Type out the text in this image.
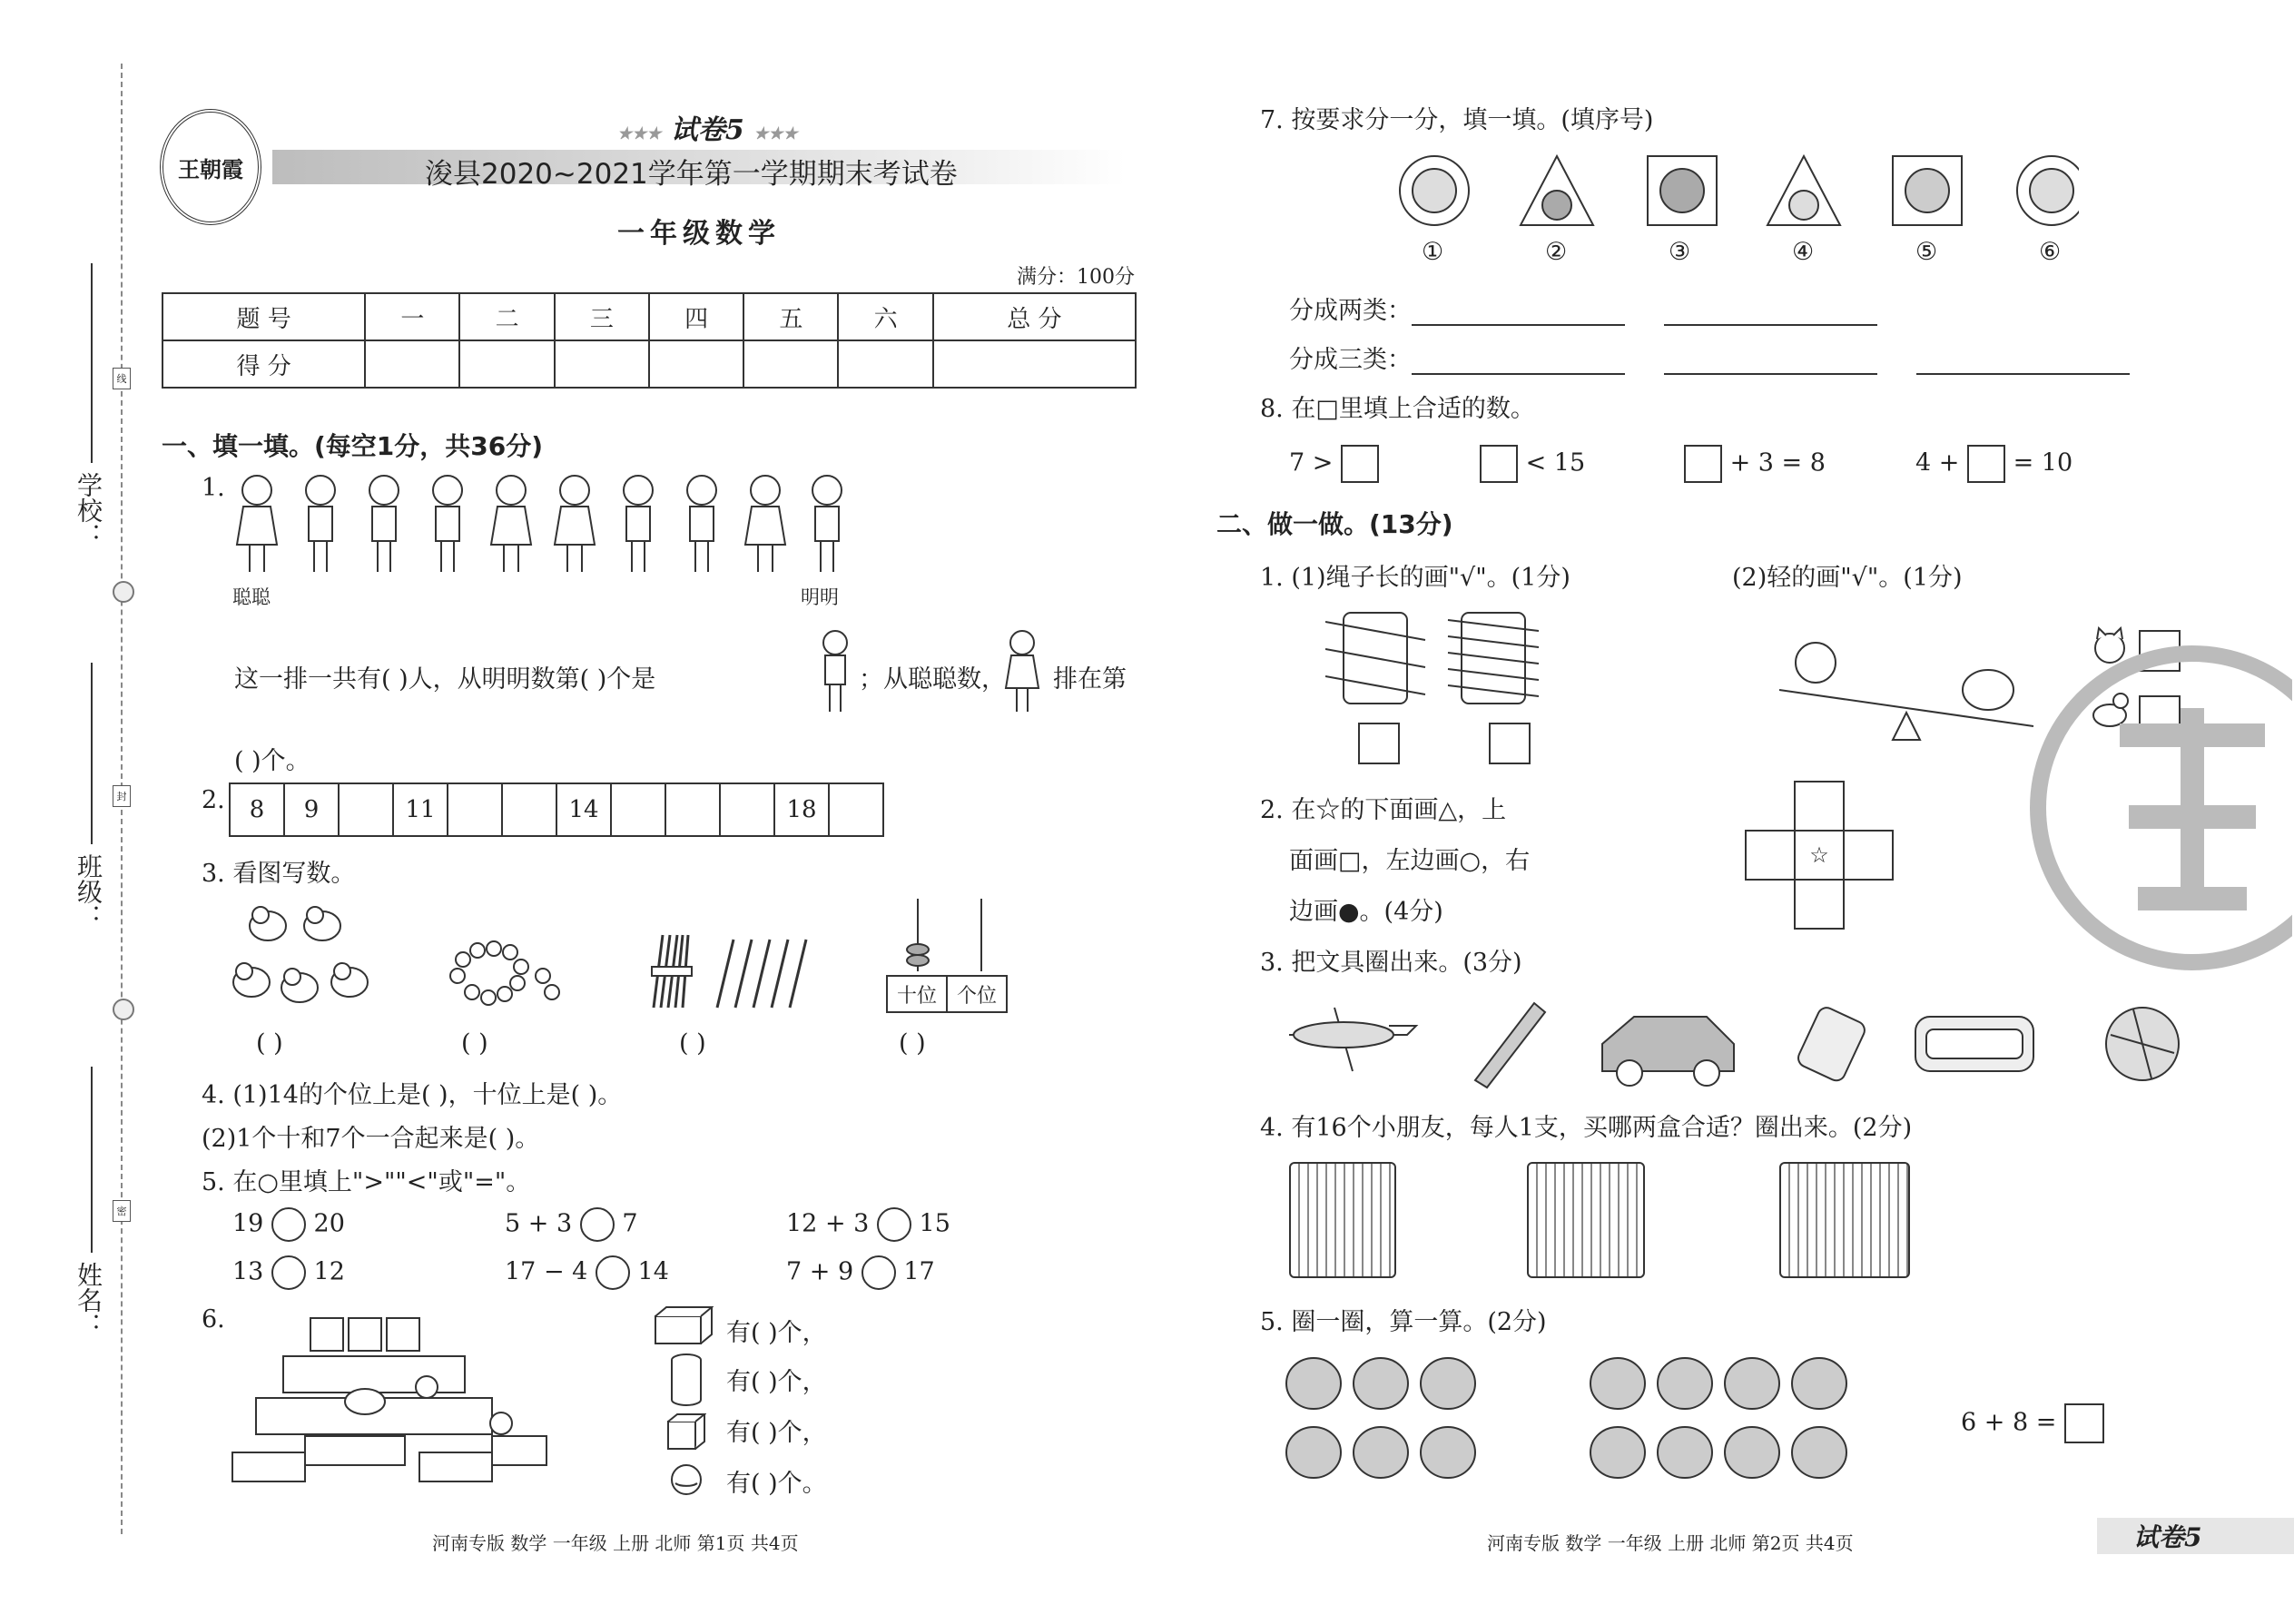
学校：
班级：
姓名：
线
封
密
王朝霞
★★★ 试卷5 ★★★
浚县2020~2021学年第一学期期末考试卷
一年级数学
满分：100分
题 号	一	二	三	四	五	六	总 分
得 分							
一、填一填。(每空1分，共36分)
1.
聪聪	明明
这一排一共有( )人，从明明数第( )个是	；从聪聪数， 排在第
( )个。
2. 8	9		11			14				18	
3. 看图写数。
十位	个位
( )	( )	( )	( )
4. (1)14的个位上是( )，十位上是( )。
(2)1个十和7个一合起来是( )。
5. 在○里填上">""<"或"="。
19 20	5 + 3 7	12 + 3 15
13 12	17 − 4 14	7 + 9 17
6.	有( )个，
有( )个，
有( )个，
有( )个。
河南专版 数学 一年级 上册 北师 第1页 共4页
7. 按要求分一分，填一填。(填序号)
①	②	③	④	⑤	⑥
分成两类：
分成三类：
8. 在□里填上合适的数。
7 >	< 15	+ 3 = 8	4 + = 10
二、做一做。(13分)
1. (1)绳子长的画"√"。(1分)	(2)轻的画"√"。(1分)
2. 在☆的下面画△，上
面画□，左边画○，右
边画●。(4分)
☆
3. 把文具圈出来。(3分)
4. 有16个小朋友，每人1支，买哪两盒合适？圈出来。(2分)
5. 圈一圈，算一算。(2分)
6 + 8 =
河南专版 数学 一年级 上册 北师 第2页 共4页	试卷5
